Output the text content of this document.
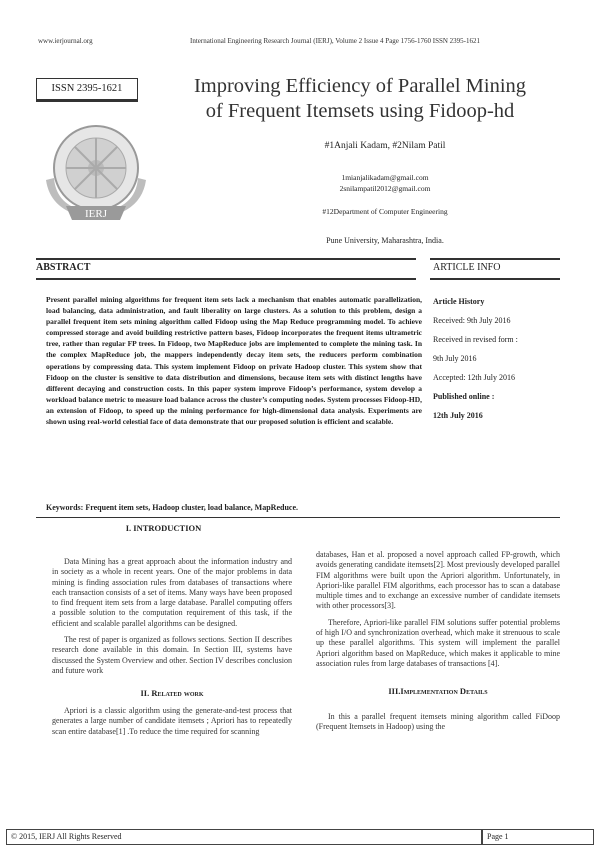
www.ierjournal.org	International Engineering Research Journal (IERJ), Volume 2 Issue 4 Page 1756-1760 ISSN 2395-1621
ISSN 2395-1621	Improving Efficiency of Parallel Mining
of Frequent Itemsets using Fidoop-hd
IERJ
#1Anjali Kadam, #2Nilam Patil
1mianjalikadam@gmail.com
2snilampatil2012@gmail.com
#12Department of Computer Engineering
Pune University, Maharashtra, India.
ABSTRACT	ARTICLE INFO
Present parallel mining algorithms for frequent item sets lack a mechanism that enables automatic parallelization, load balancing, data administration, and fault liberality on large clusters. As a solution to this problem, design a parallel frequent item sets mining algorithm called Fidoop using the Map Reduce programming model. To achieve compressed storage and avoid building restrictive pattern bases, Fidoop incorporates the frequent items ultrametric tree, rather than regular FP trees. In Fidoop, two MapReduce jobs are implemented to complete the mining task. In the complex MapReduce job, the mappers independently decay item sets, the reducers perform combination operations by compressing data. This system implement Fidoop on private Hadoop cluster. This system show that Fidoop on the cluster is sensitive to data distribution and dimensions, because item sets with distinct lengths have different decaying and construction costs. In this paper system improve Fidoop’s performance, system develop a workload balance metric to measure load balance across the cluster’s computing nodes. System processes Fidoop-HD, an extension of Fidoop, to speed up the mining performance for high-dimensional data analysis. Experiments are shown using real-world celestial face of data demonstrate that our proposed solution is efficient and scalable.
Article History
Received: 9th July 2016
Received in revised form :
9th July 2016
Accepted: 12th July 2016
Published online :
12th July 2016
Keywords: Frequent item sets, Hadoop cluster, load balance, MapReduce.
I. INTRODUCTION

Data Mining has a great approach about the information industry and in society as a whole in recent years. One of the major problems in data mining is finding association rules from databases of transactions where each transaction consists of a set of items. Many ways have been proposed to find frequent item sets from a large database. Parallel computing offers a possible solution to the computation requirement of this task, if the efficient and scalable parallel algorithms can be designed.

The rest of paper is organized as follows sections. Section II describes research done available in this domain. In Section III, systems have discussed the System Overview and other. Section IV describes conclusion and future work

II. Related work

Apriori is a classic algorithm using the generate-and-test process that generates a large number of candidate itemsets ; Apriori has to repeatedly scan entire database[1] .To reduce the time required for scanning

databases, Han et al. proposed a novel approach called FP-growth, which avoids generating candidate itemsets[2]. Most previously developed parallel FIM algorithms were built upon the Apriori algorithm. Unfortunately, in Apriori-like parallel FIM algorithms, each processor has to scan a database multiple times and to exchange an excessive number of candidate itemsets with other processors[3].

Therefore, Apriori-like parallel FIM solutions suffer potential problems of high I/O and synchronization overhead, which make it strenuous to scale up these parallel algorithms. This system will implement the parallel Apriori algorithm based on MapReduce, which makes it applicable to mine association rules from large databases of transactions [4].

III.Implementation Details

In this a parallel frequent itemsets mining algorithm called FiDoop (Frequent Itemsets in Hadoop) using the

© 2015, IERJ All Rights Reserved	Page 1
